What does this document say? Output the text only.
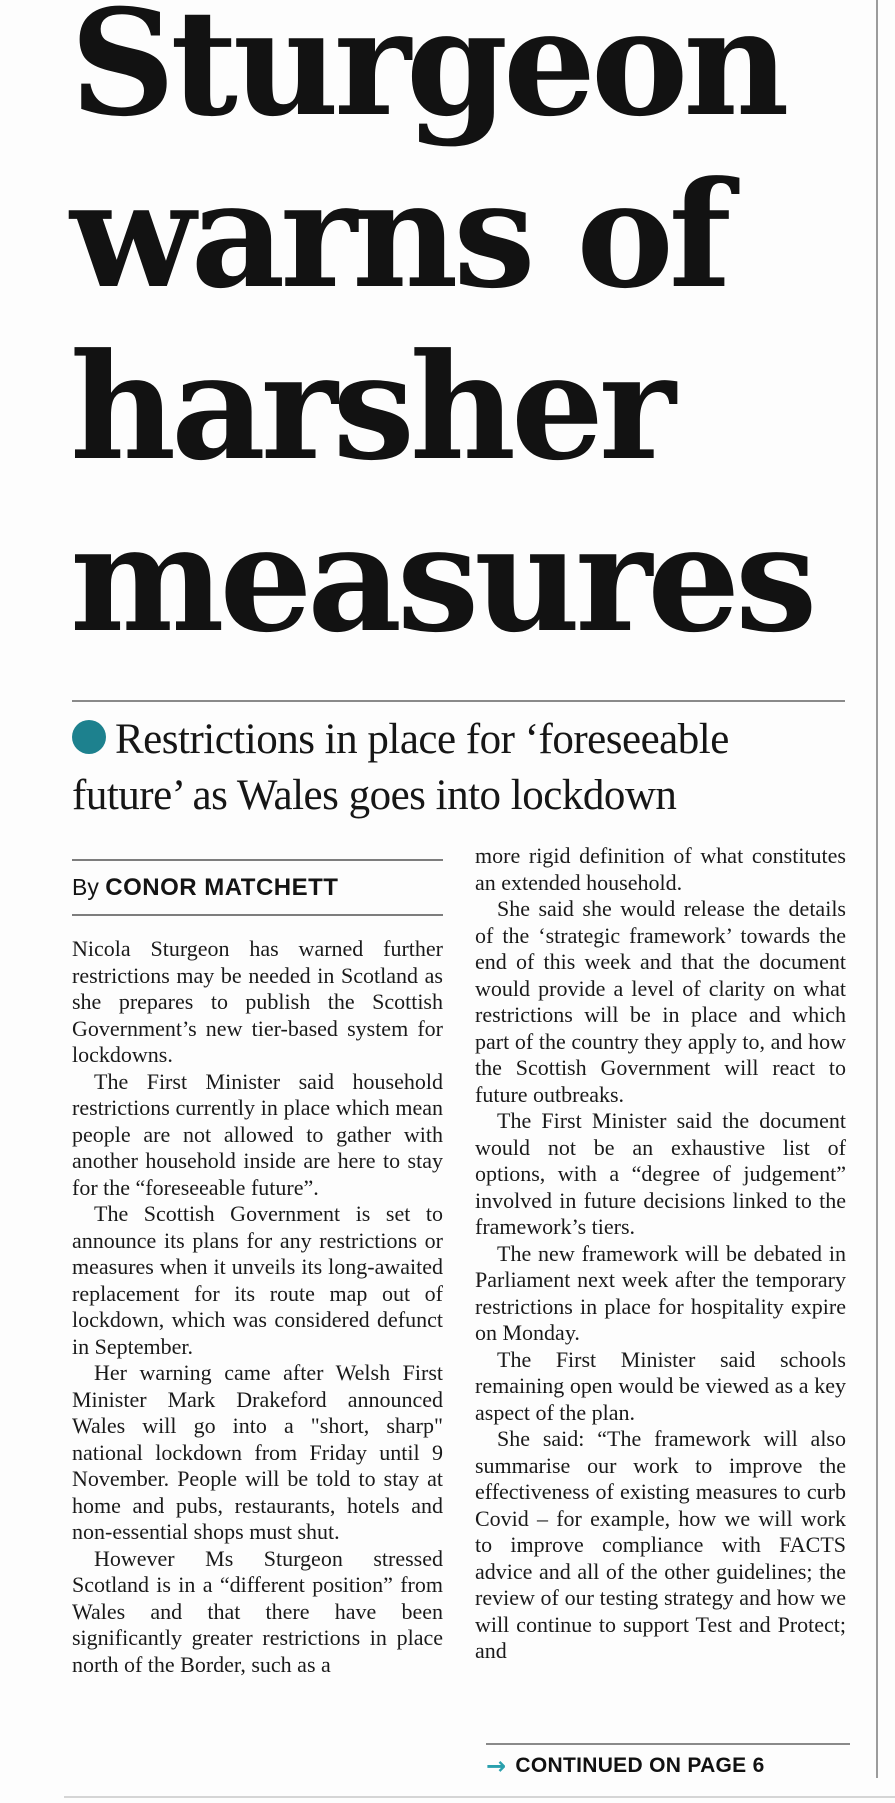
Sturgeon
warns of
harsher
measures
Restrictions in place for ‘foreseeable
future’ as Wales goes into lockdown
By CONOR MATCHETT

Nicola Sturgeon has warned further restrictions may be needed in Scotland as she prepares to publish the Scottish Government’s new tier-based system for lockdowns.

The First Minister said household restrictions currently in place which mean people are not allowed to gather with another household inside are here to stay for the “foreseeable future”.

The Scottish Government is set to announce its plans for any restrictions or measures when it unveils its long-awaited replacement for its route map out of lockdown, which was considered defunct in September.

Her warning came after Welsh First Minister Mark Drakeford announced Wales will go into a "short, sharp" national lockdown from Friday until 9 November. People will be told to stay at home and pubs, restaurants, hotels and non-essential shops must shut.

However Ms Sturgeon stressed Scotland is in a “different position” from Wales and that there have been significantly greater restrictions in place north of the Border, such as a

more rigid definition of what constitutes an extended household.

She said she would release the details of the ‘strategic framework’ towards the end of this week and that the document would provide a level of clarity on what restrictions will be in place and which part of the country they apply to, and how the Scottish Government will react to future outbreaks.

The First Minister said the document would not be an exhaustive list of options, with a “degree of judgement” involved in future decisions linked to the framework’s tiers.

The new framework will be debated in Parliament next week after the temporary restrictions in place for hospitality expire on Monday.

The First Minister said schools remaining open would be viewed as a key aspect of the plan.

She said: “The framework will also summarise our work to improve the effectiveness of existing measures to curb Covid – for example, how we will work to improve compliance with FACTS advice and all of the other guidelines; the review of our testing strategy and how we will continue to support Test and Protect; and

→ CONTINUED ON PAGE 6
